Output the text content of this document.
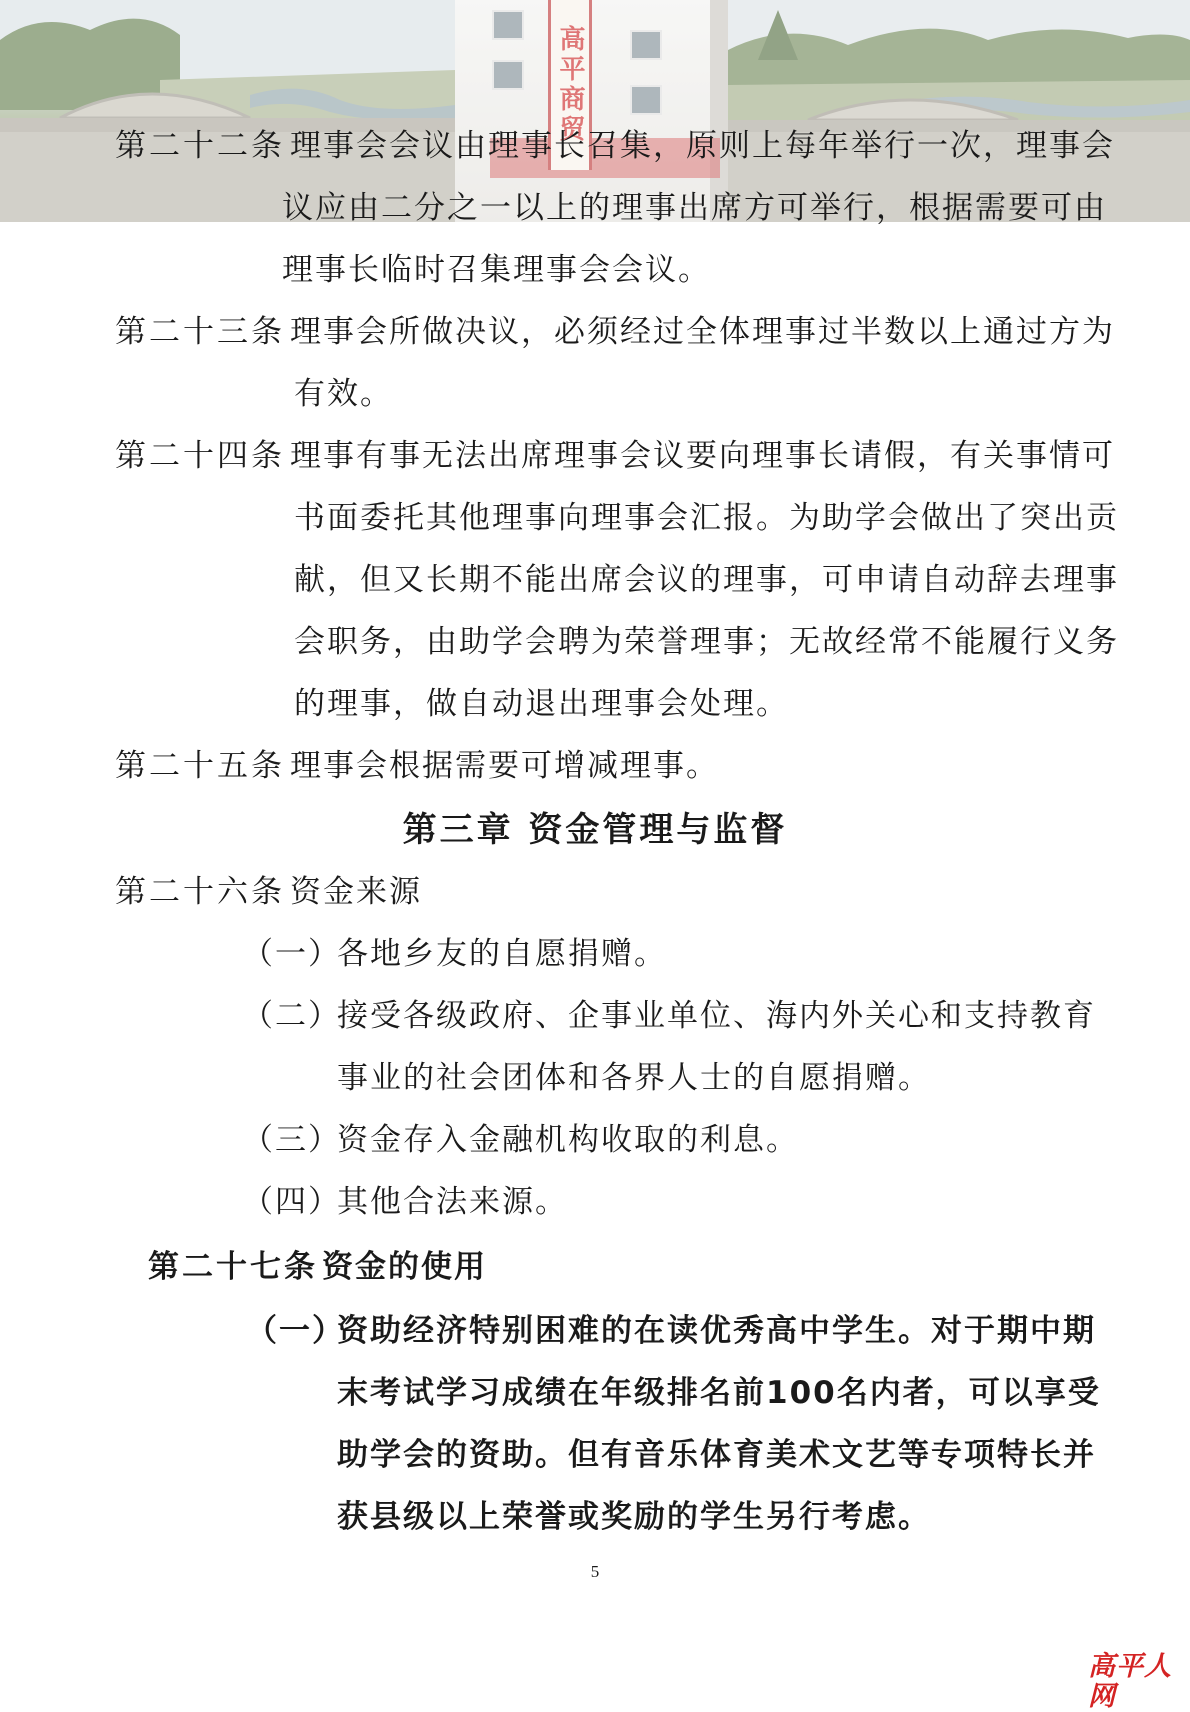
高平商贸
第二十二条 理事会会议由理事长召集，原则上每年举行一次，理事会
议应由二分之一以上的理事出席方可举行，根据需要可由
理事长临时召集理事会会议。
第二十三条 理事会所做决议，必须经过全体理事过半数以上通过方为
有效。
第二十四条 理事有事无法出席理事会议要向理事长请假，有关事情可
书面委托其他理事向理事会汇报。为助学会做出了突出贡
献，但又长期不能出席会议的理事，可申请自动辞去理事
会职务，由助学会聘为荣誉理事；无故经常不能履行义务
的理事，做自动退出理事会处理。
第二十五条 理事会根据需要可增减理事。
第三章 资金管理与监督
第二十六条 资金来源
（一）
各地乡友的自愿捐赠。
（二）
接受各级政府、企事业单位、海内外关心和支持教育
事业的社会团体和各界人士的自愿捐赠。
（三）
资金存入金融机构收取的利息。
（四）
其他合法来源。
第二十七条 资金的使用
（一）
资助经济特别困难的在读优秀高中学生。对于期中期
末考试学习成绩在年级排名前100名内者，可以享受
助学会的资助。但有音乐体育美术文艺等专项特长并
获县级以上荣誉或奖励的学生另行考虑。
5
高平人网
